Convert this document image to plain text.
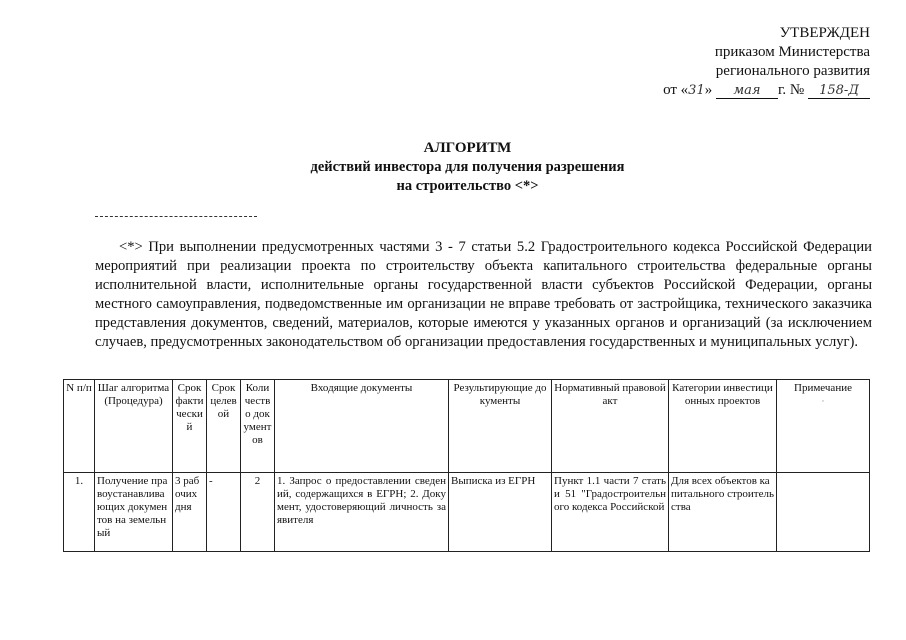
УТВЕРЖДЕН
приказом Министерства
регионального развития
от «31» мая г. № 158-Д
АЛГОРИТМ
действий инвестора для получения разрешения
на строительство <*>

<*> При выполнении предусмотренных частями 3 - 7 статьи 5.2 Градостроительного кодекса Российской Федерации мероприятий при реализации проекта по строительству объекта капитального строительства федеральные органы исполнительной власти, исполнительные органы государственной власти субъектов Российской Федерации, органы местного самоуправления, подведомственные им организации не вправе требовать от застройщика, технического заказчика представления документов, сведений, материалов, которые имеются у указанных органов и организаций (за исключением случаев, предусмотренных законодательством об организации предоставления государственных и муниципальных услуг).

N п/п	Шаг алгоритма (Процедура)	Срок фактический	Срок целевой	Количество документов	Входящие документы	Результирующие документы	Нормативный правовой акт	Категории инвестиционных проектов	Примечание
·

1.	Получение правоустанавливающих документов на земельный	3 рабочих дня	-	2	1. Запрос о предоставлении сведений, содержащихся в ЕГРН; 2. Документ, удостоверяющий личность заявителя	Выписка из ЕГРН	Пункт 1.1 части 7 статьи 51 "Градостроительного кодекса Российской	Для всех объектов капитального строительства	
